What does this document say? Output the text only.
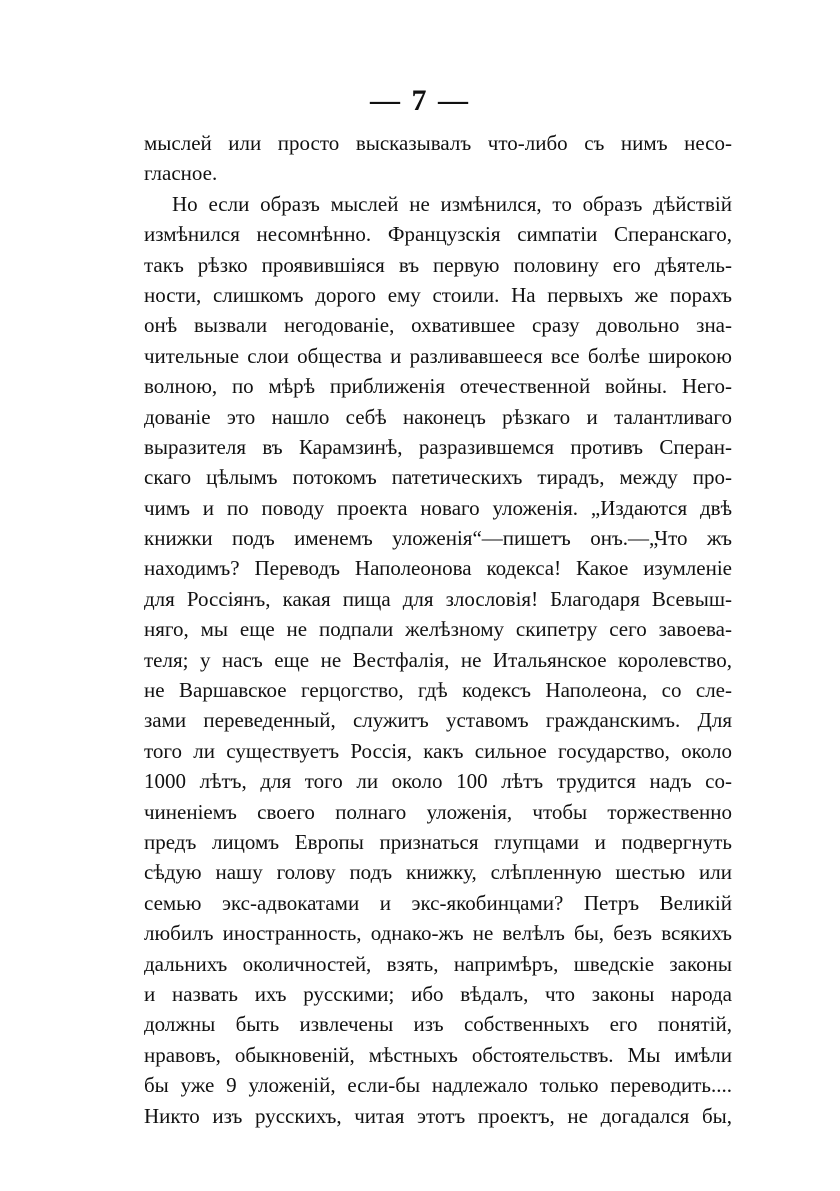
— 7 —
мыслей или просто высказывалъ что-либо съ нимъ несо-
гласное.
Но если образъ мыслей не измѣнился, то образъ дѣйствій
измѣнился несомнѣнно. Французскія симпатіи Сперанскаго,
такъ рѣзко проявившіяся въ первую половину его дѣятель-
ности, слишкомъ дорого ему стоили. На первыхъ же порахъ
онѣ вызвали негодованіе, охватившее сразу довольно зна-
чительные слои общества и разливавшееся все болѣе широкою
волною, по мѣрѣ приближенія отечественной войны. Него-
дованіе это нашло себѣ наконецъ рѣзкаго и талантливаго
выразителя въ Карамзинѣ, разразившемся противъ Сперан-
скаго цѣлымъ потокомъ патетическихъ тирадъ, между про-
чимъ и по поводу проекта новаго уложенія. „Издаются двѣ
книжки подъ именемъ уложенія“—пишетъ онъ.—„Что жъ
находимъ? Переводъ Наполеонова кодекса! Какое изумленіе
для Россіянъ, какая пища для злословія! Благодаря Всевыш-
няго, мы еще не подпали желѣзному скипетру сего завоева-
теля; у насъ еще не Вестфалія, не Итальянское королевство,
не Варшавское герцогство, гдѣ кодексъ Наполеона, со сле-
зами переведенный, служитъ уставомъ гражданскимъ. Для
того ли существуетъ Россія, какъ сильное государство, около
1000 лѣтъ, для того ли около 100 лѣтъ трудится надъ со-
чиненіемъ своего полнаго уложенія, чтобы торжественно
предъ лицомъ Европы признаться глупцами и подвергнуть
сѣдую нашу голову подъ книжку, слѣпленную шестью или
семью экс-адвокатами и экс-якобинцами? Петръ Великій
любилъ иностранность, однако-жъ не велѣлъ бы, безъ всякихъ
дальнихъ околичностей, взять, напримѣръ, шведскіе законы
и назвать ихъ русскими; ибо вѣдалъ, что законы народа
должны быть извлечены изъ собственныхъ его понятій,
нравовъ, обыкновеній, мѣстныхъ обстоятельствъ. Мы имѣли
бы уже 9 уложеній, если-бы надлежало только переводить....
Никто изъ русскихъ, читая этотъ проектъ, не догадался бы,
